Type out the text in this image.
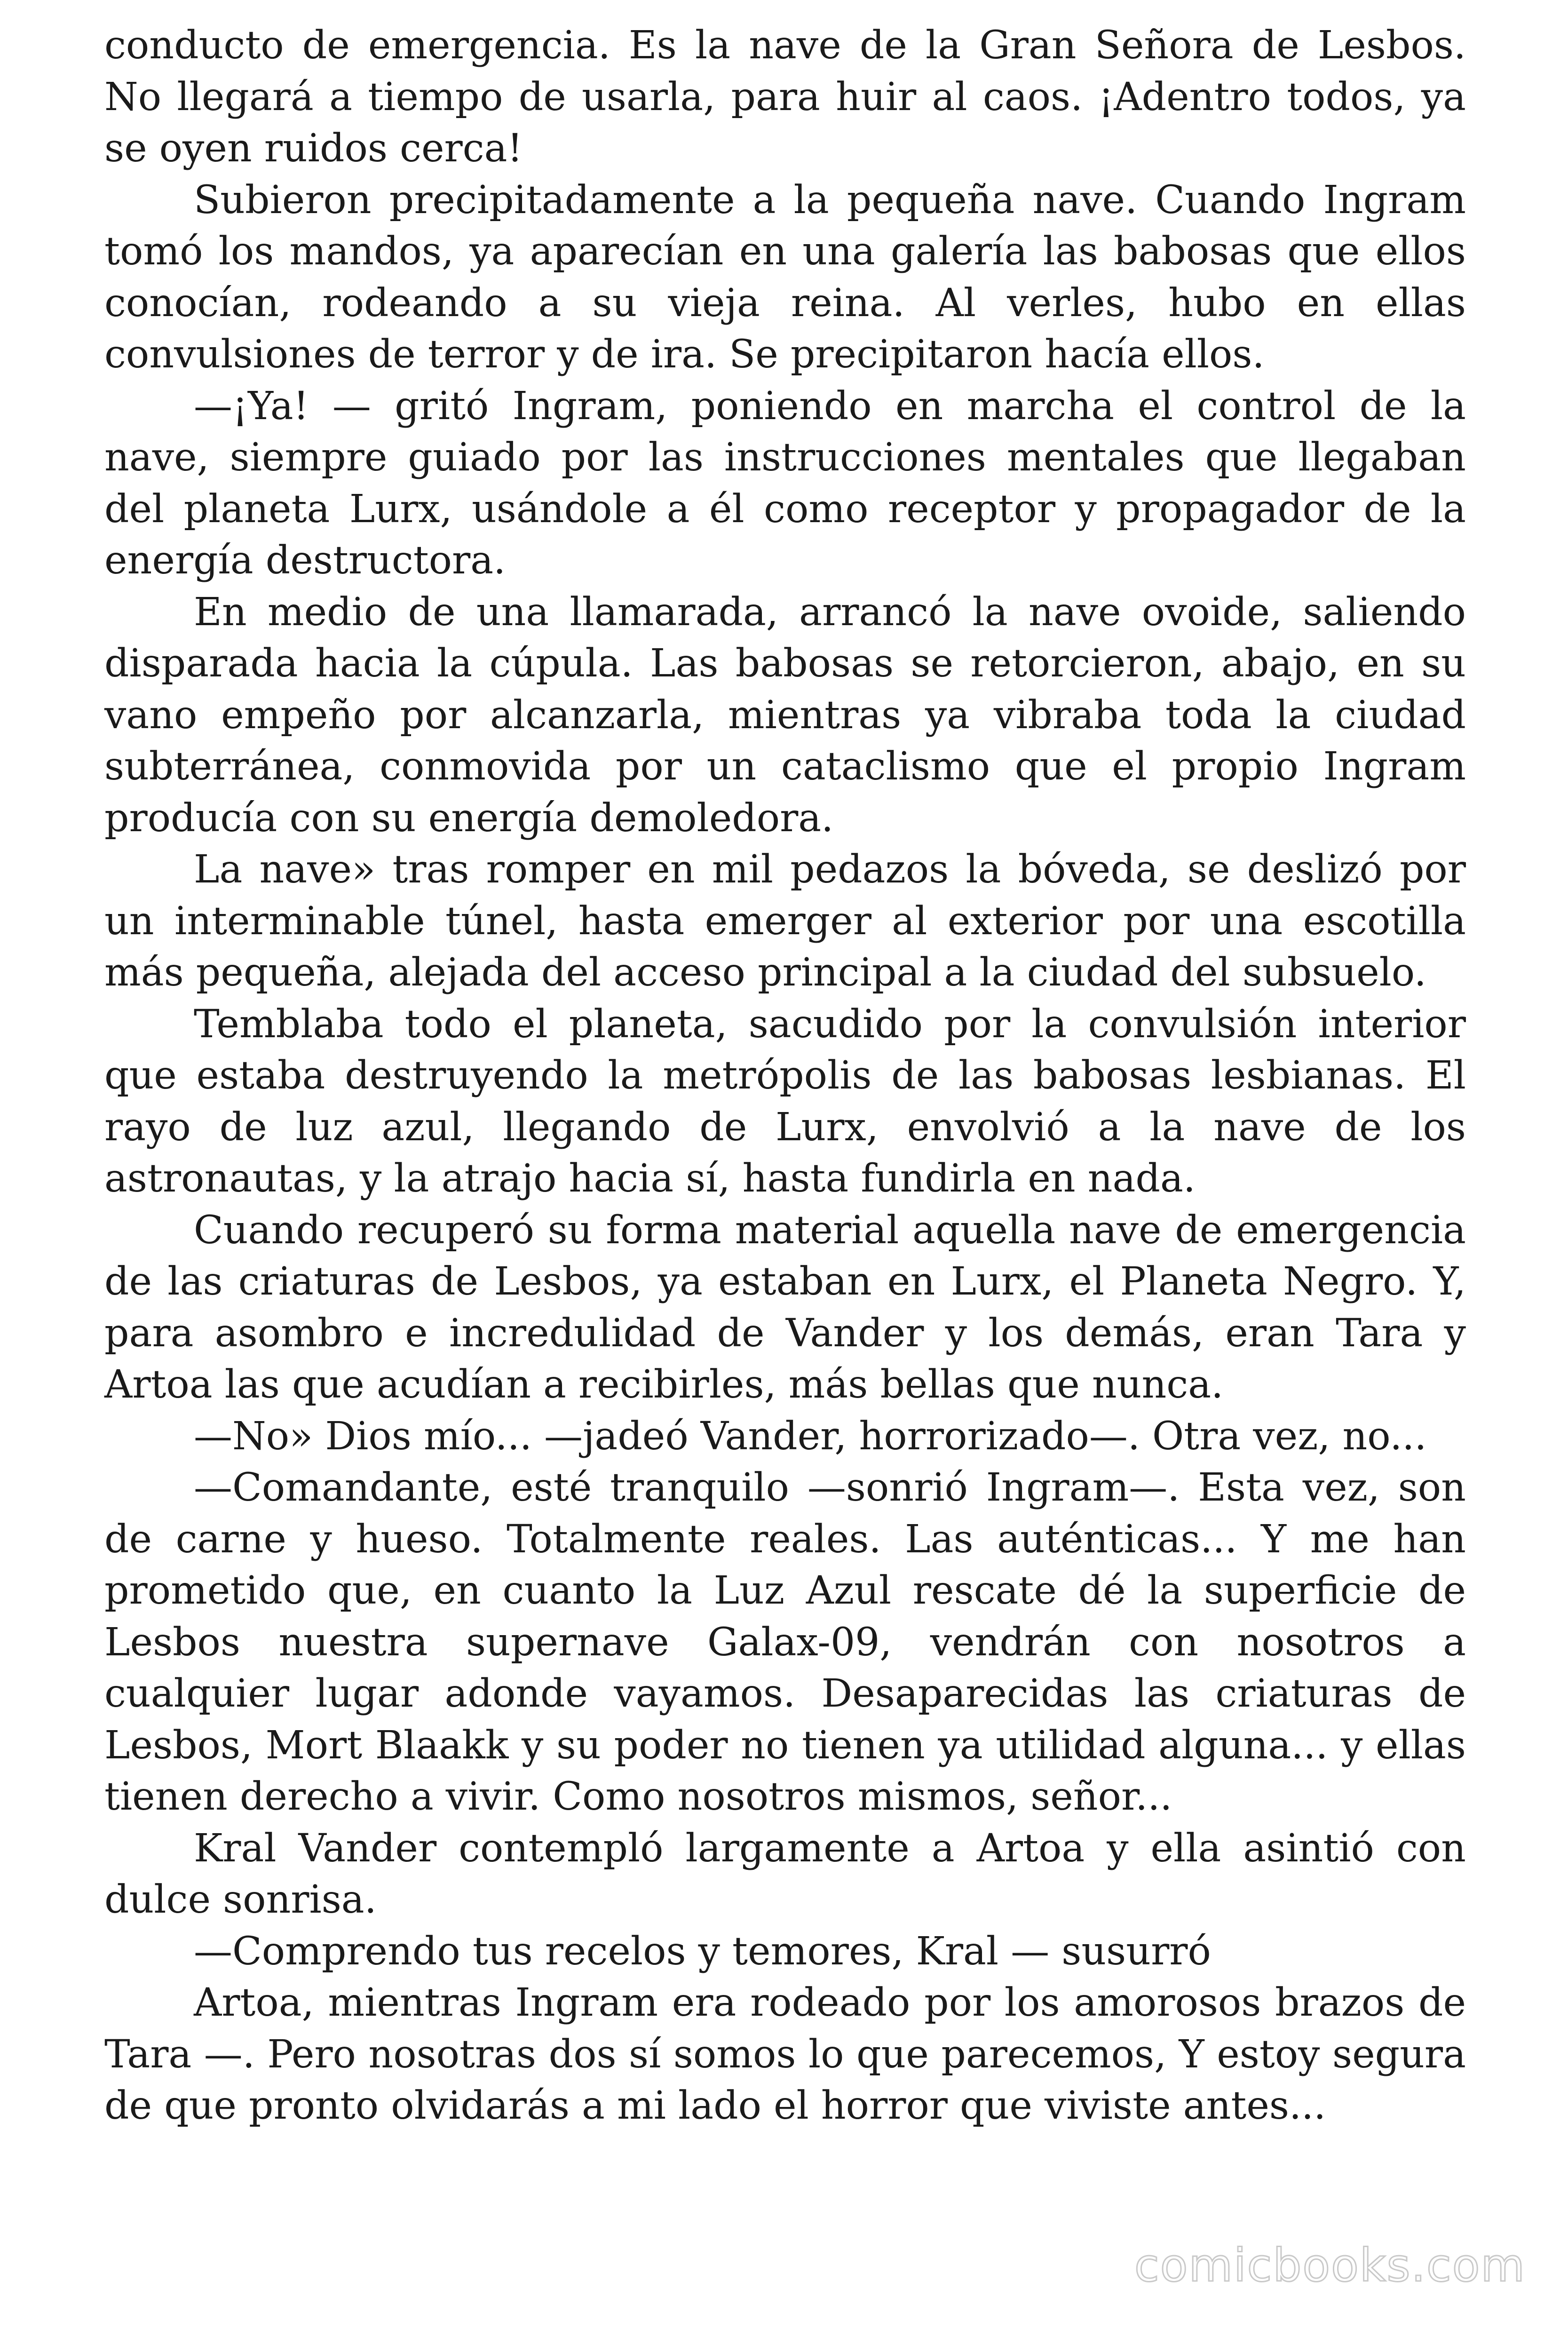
conducto de emergencia. Es la nave de la Gran Señora de Lesbos. No llegará a tiempo de usarla, para huir al caos. ¡Adentro todos, ya se oyen ruidos cerca!

Subieron precipitadamente a la pequeña nave. Cuando Ingram tomó los mandos, ya aparecían en una galería las babosas que ellos conocían, rodeando a su vieja reina. Al verles, hubo en ellas convulsiones de terror y de ira. Se precipitaron hacía ellos.

—¡Ya! — gritó Ingram, poniendo en marcha el control de la nave, siempre guiado por las instrucciones mentales que llegaban del planeta Lurx, usándole a él como receptor y propagador de la energía destructora.

En medio de una llamarada, arrancó la nave ovoide, saliendo disparada hacia la cúpula. Las babosas se retorcieron, abajo, en su vano empeño por alcanzarla, mientras ya vibraba toda la ciudad subterránea, conmovida por un cataclismo que el propio Ingram producía con su energía demoledora.

La nave» tras romper en mil pedazos la bóveda, se deslizó por un interminable túnel, hasta emerger al exterior por una escotilla más pequeña, alejada del acceso principal a la ciudad del subsuelo.

Temblaba todo el planeta, sacudido por la convulsión interior que estaba destruyendo la metrópolis de las babosas lesbianas. El rayo de luz azul, llegando de Lurx, envolvió a la nave de los astronautas, y la atrajo hacia sí, hasta fundirla en nada.

Cuando recuperó su forma material aquella nave de emergencia de las criaturas de Lesbos, ya estaban en Lurx, el Planeta Negro. Y, para asombro e incredulidad de Vander y los demás, eran Tara y Artoa las que acudían a recibirles, más bellas que nunca.

—No» Dios mío... —jadeó Vander, horrorizado—. Otra vez, no...

—Comandante, esté tranquilo —sonrió Ingram—. Esta vez, son de carne y hueso. Totalmente reales. Las auténticas... Y me han prometido que, en cuanto la Luz Azul rescate dé la superficie de Lesbos nuestra supernave Galax-09, vendrán con nosotros a cualquier lugar adonde vayamos. Desaparecidas las criaturas de Lesbos, Mort Blaakk y su poder no tienen ya utilidad alguna... y ellas tienen derecho a vivir. Como nosotros mismos, señor...

Kral Vander contempló largamente a Artoa y ella asintió con dulce sonrisa.

—Comprendo tus recelos y temores, Kral — susurró

Artoa, mientras Ingram era rodeado por los amorosos brazos de Tara —. Pero nosotras dos sí somos lo que parecemos, Y estoy segura de que pronto olvidarás a mi lado el horror que viviste antes...

comicbooks.com
